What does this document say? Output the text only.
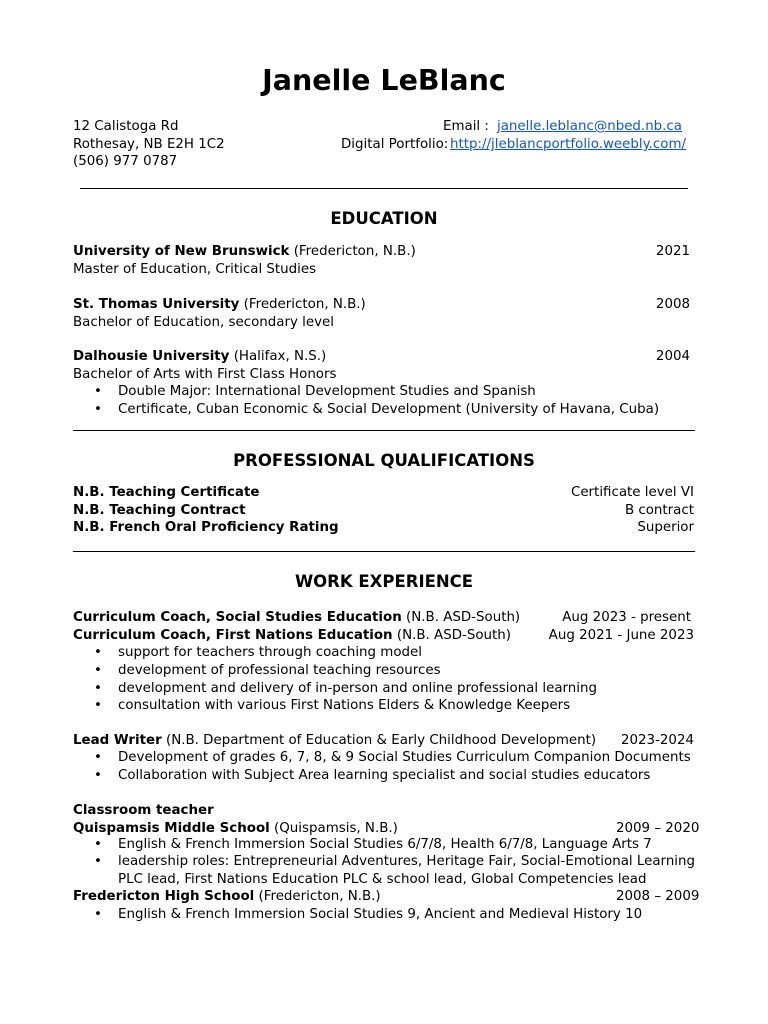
Janelle LeBlanc
12 Calistoga Rd
Rothesay, NB E2H 1C2
(506) 977 0787
Email : janelle.leblanc@nbed.nb.ca
Digital Portfolio: http://jleblancportfolio.weebly.com/
EDUCATION
University of New Brunswick (Fredericton, N.B.)	2021
Master of Education, Critical Studies
St. Thomas University (Fredericton, N.B.)	2008
Bachelor of Education, secondary level
Dalhousie University (Halifax, N.S.)	2004
Bachelor of Arts with First Class Honors
• Double Major: International Development Studies and Spanish
• Certificate, Cuban Economic & Social Development (University of Havana, Cuba)
PROFESSIONAL QUALIFICATIONS
N.B. Teaching Certificate	Certificate level VI
N.B. Teaching Contract	B contract
N.B. French Oral Proficiency Rating	Superior
WORK EXPERIENCE
Curriculum Coach, Social Studies Education (N.B. ASD-South)	Aug 2023 - present
Curriculum Coach, First Nations Education (N.B. ASD-South)	Aug 2021 - June 2023
• support for teachers through coaching model
• development of professional teaching resources
• development and delivery of in-person and online professional learning
• consultation with various First Nations Elders & Knowledge Keepers
Lead Writer (N.B. Department of Education & Early Childhood Development) 2023-2024
• Development of grades 6, 7, 8, & 9 Social Studies Curriculum Companion Documents
• Collaboration with Subject Area learning specialist and social studies educators
Classroom teacher
Quispamsis Middle School (Quispamsis, N.B.)	2009 – 2020
• English & French Immersion Social Studies 6/7/8, Health 6/7/8, Language Arts 7
• leadership roles: Entrepreneurial Adventures, Heritage Fair, Social-Emotional Learning
PLC lead, First Nations Education PLC & school lead, Global Competencies lead
Fredericton High School (Fredericton, N.B.)	2008 – 2009
• English & French Immersion Social Studies 9, Ancient and Medieval History 10
